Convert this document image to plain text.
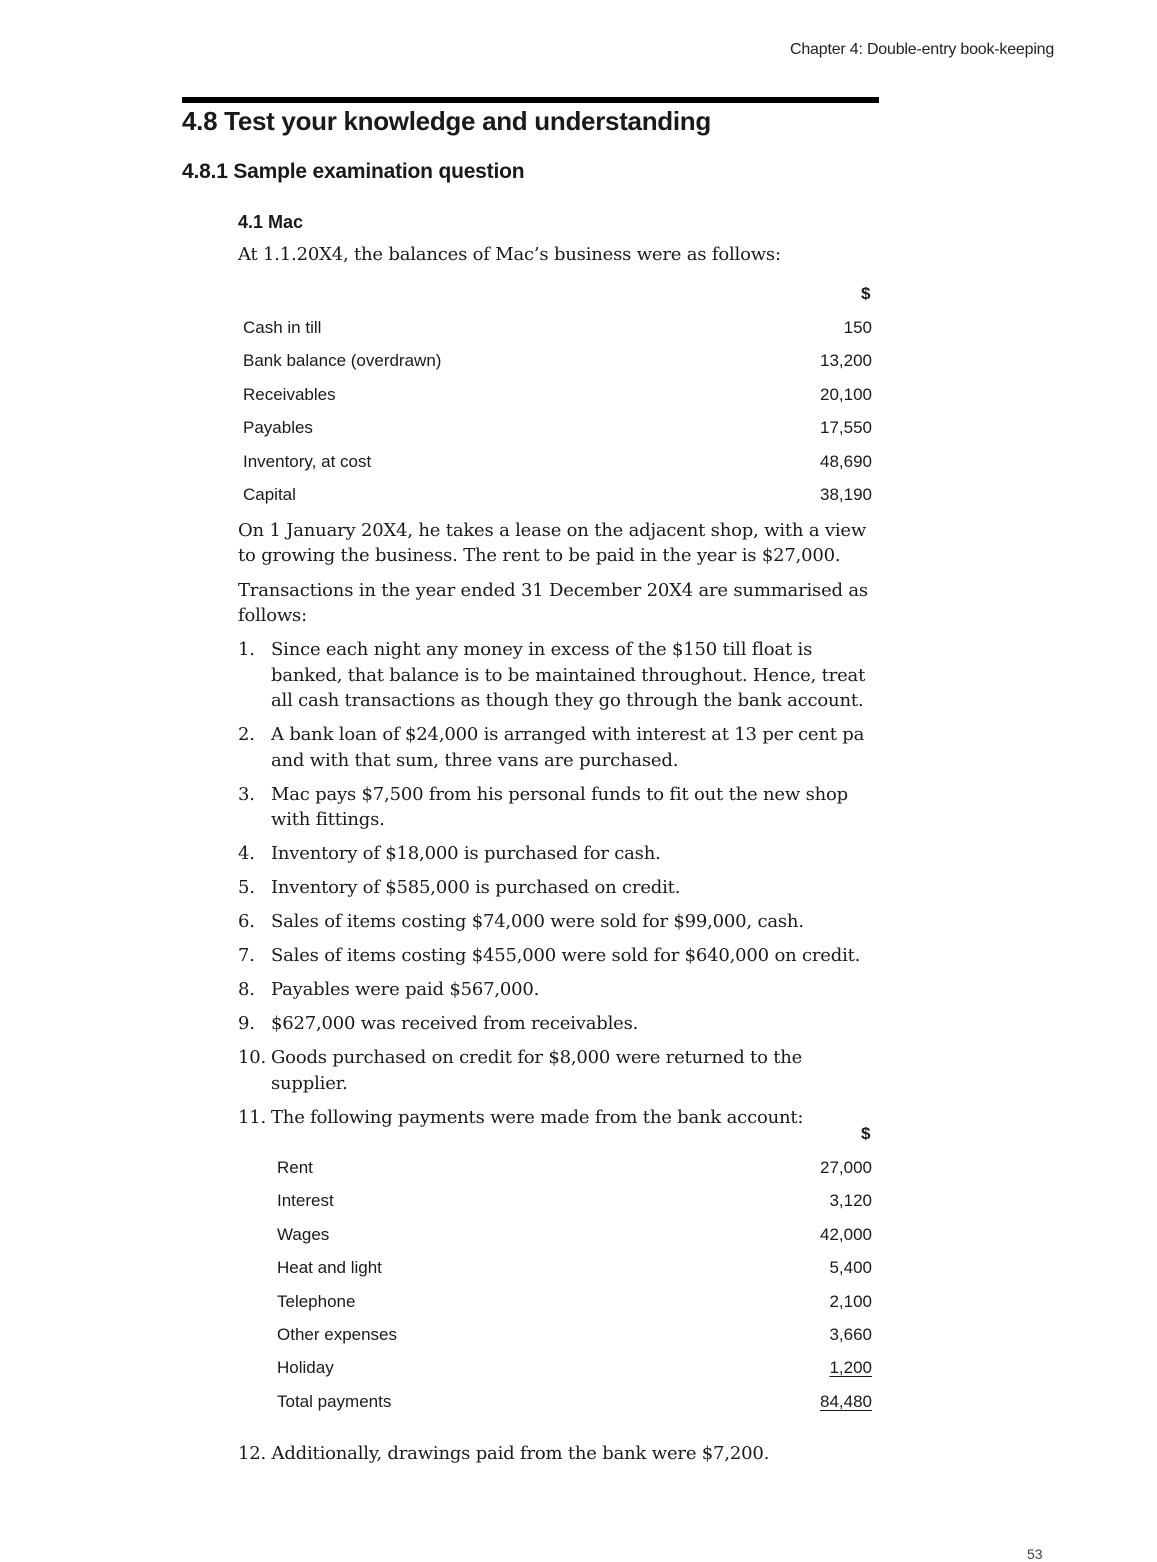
Chapter 4: Double-entry book-keeping
4.8 Test your knowledge and understanding
4.8.1 Sample examination question
4.1 Mac
At 1.1.20X4, the balances of Mac’s business were as follows:
$
Cash in till	150
Bank balance (overdrawn)	13,200
Receivables	20,100
Payables	17,550
Inventory, at cost	48,690
Capital	38,190
On 1 January 20X4, he takes a lease on the adjacent shop, with a view to growing the business. The rent to be paid in the year is $27,000.
Transactions in the year ended 31 December 20X4 are summarised as follows:
1. Since each night any money in excess of the $150 till float is banked, that balance is to be maintained throughout. Hence, treat all cash transactions as though they go through the bank account.
2. A bank loan of $24,000 is arranged with interest at 13 per cent pa and with that sum, three vans are purchased.
3. Mac pays $7,500 from his personal funds to fit out the new shop with fittings.
4. Inventory of $18,000 is purchased for cash.
5. Inventory of $585,000 is purchased on credit.
6. Sales of items costing $74,000 were sold for $99,000, cash.
7. Sales of items costing $455,000 were sold for $640,000 on credit.
8. Payables were paid $567,000.
9. $627,000 was received from receivables.
10. Goods purchased on credit for $8,000 were returned to the supplier.
11. The following payments were made from the bank account:
$
Rent	27,000
Interest	3,120
Wages	42,000
Heat and light	5,400
Telephone	2,100
Other expenses	3,660
Holiday	1,200
Total payments	84,480
12. Additionally, drawings paid from the bank were $7,200.
53
